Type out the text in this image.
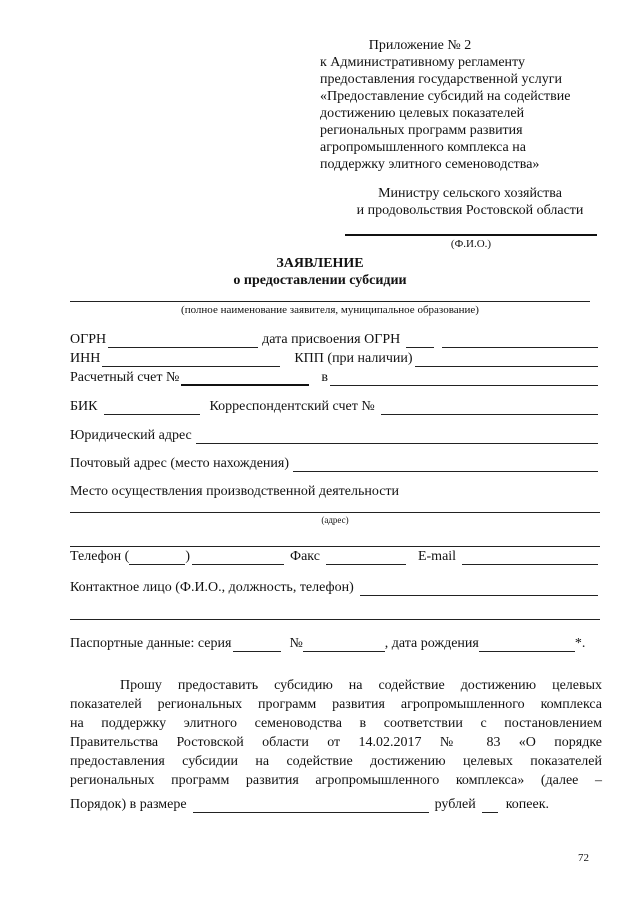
Приложение № 2
к Административному регламенту
предоставления государственной услуги
«Предоставление субсидий на содействие
достижению целевых показателей
региональных программ развития
агропромышленного комплекса на
поддержку элитного семеноводства»
Министру сельского хозяйства
и продовольствия Ростовской области
(Ф.И.О.)
ЗАЯВЛЕНИЕ
о предоставлении субсидии
(полное наименование заявителя, муниципальное образование)
ОГРН	дата присвоения ОГРН
ИНН	КПП (при наличии)
Расчетный счет №	в
БИК	Корреспондентский счет №
Юридический адрес
Почтовый адрес (место нахождения)
Место осуществления производственной деятельности
(адрес)
Телефон (	)	Факс	E-mail
Контактное лицо (Ф.И.О., должность, телефон)
Паспортные данные: серия	№	, дата рождения	*.

Прошу предоставить субсидию на содействие достижению целевых

показателей региональных программ развития агропромышленного комплекса

на поддержку элитного семеноводства в соответствии с постановлением

Правительства Ростовской области от 14.02.2017 № 83 «О порядке

предоставления субсидии на содействие достижению целевых показателей

региональных программ развития агропромышленного комплекса» (далее –

Порядок) в размере	рублей копеек.
72
